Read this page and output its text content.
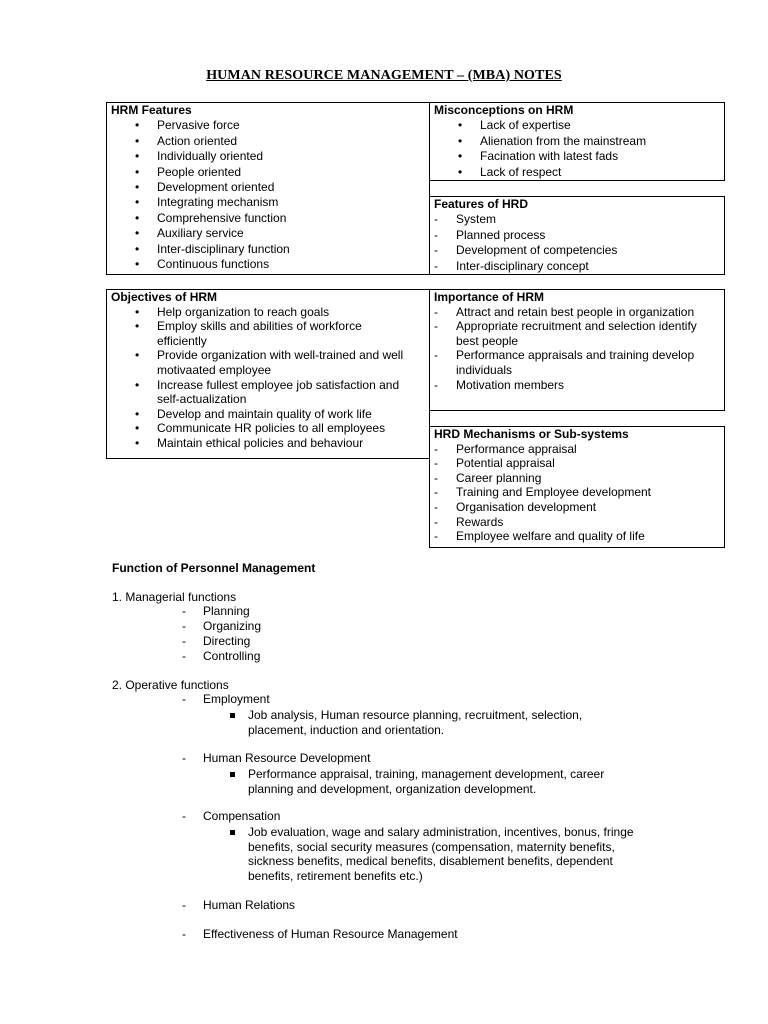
HUMAN RESOURCE MANAGEMENT – (MBA) NOTES
HRM Features
• Pervasive force
• Action oriented
• Individually oriented
• People oriented
• Development oriented
• Integrating mechanism
• Comprehensive function
• Auxiliary service
• Inter-disciplinary function
• Continuous functions
Misconceptions on HRM
• Lack of expertise
• Alienation from the mainstream
• Facination with latest fads
• Lack of respect
Features of HRD
- System
- Planned process
- Development of competencies
- Inter-disciplinary concept
Objectives of HRM
• Help organization to reach goals
• Employ skills and abilities of workforce efficiently
• Provide organization with well-trained and well motivaated employee
• Increase fullest employee job satisfaction and self-actualization
• Develop and maintain quality of work life
• Communicate HR policies to all employees
• Maintain ethical policies and behaviour
Importance of HRM
- Attract and retain best people in organization
- Appropriate recruitment and selection identify best people
- Performance appraisals and training develop individuals
- Motivation members
HRD Mechanisms or Sub-systems
- Performance appraisal
- Potential appraisal
- Career planning
- Training and Employee development
- Organisation development
- Rewards
- Employee welfare and quality of life
Function of Personnel Management
1. Managerial functions
- Planning
- Organizing
- Directing
- Controlling
2. Operative functions
- Employment
Job analysis, Human resource planning, recruitment, selection, placement, induction and orientation.
- Human Resource Development
Performance appraisal, training, management development, career planning and development, organization development.
- Compensation
Job evaluation, wage and salary administration, incentives, bonus, fringe benefits, social security measures (compensation, maternity benefits, sickness benefits, medical benefits, disablement benefits, dependent benefits, retirement benefits etc.)
- Human Relations
- Effectiveness of Human Resource Management
